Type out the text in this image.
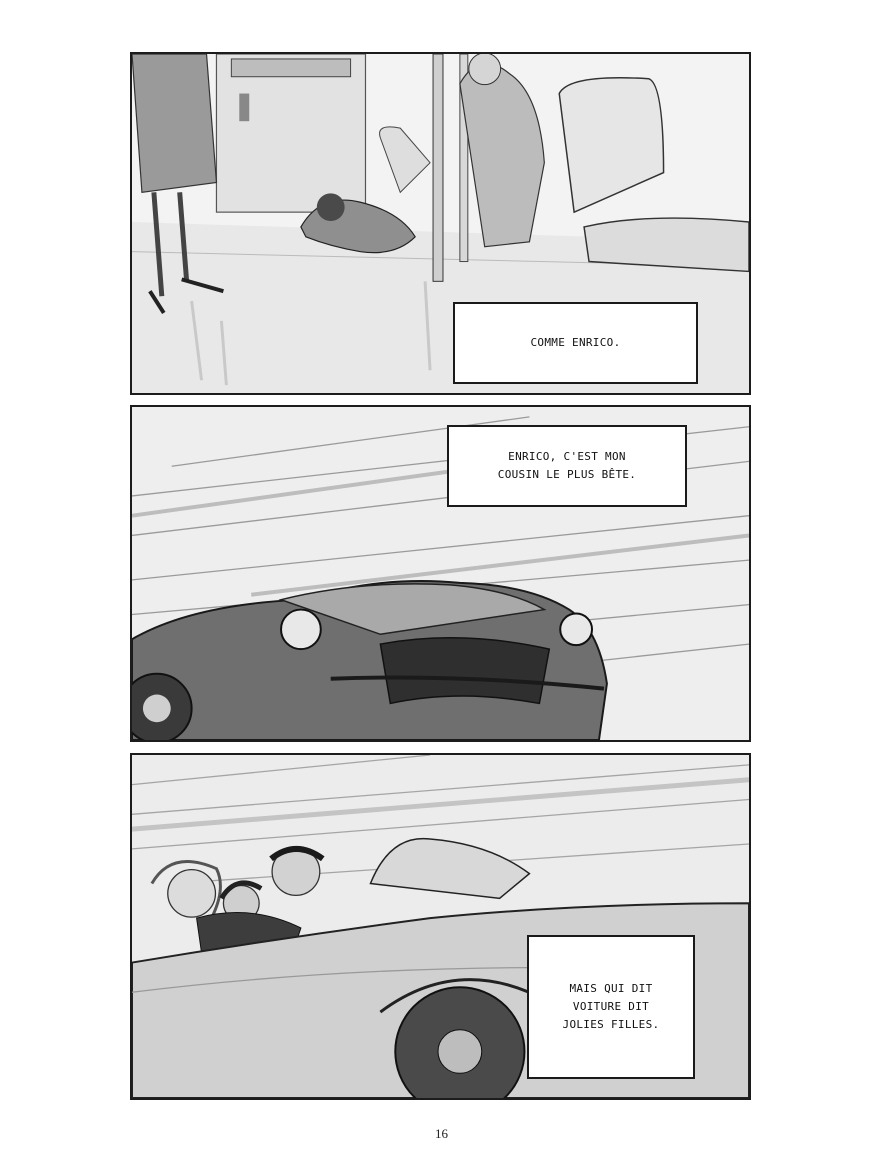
COMME ENRICO.
ENRICO, C'EST MON
COUSIN LE PLUS BÊTE.
MAIS QUI DIT
VOITURE DIT
JOLIES FILLES.
16
